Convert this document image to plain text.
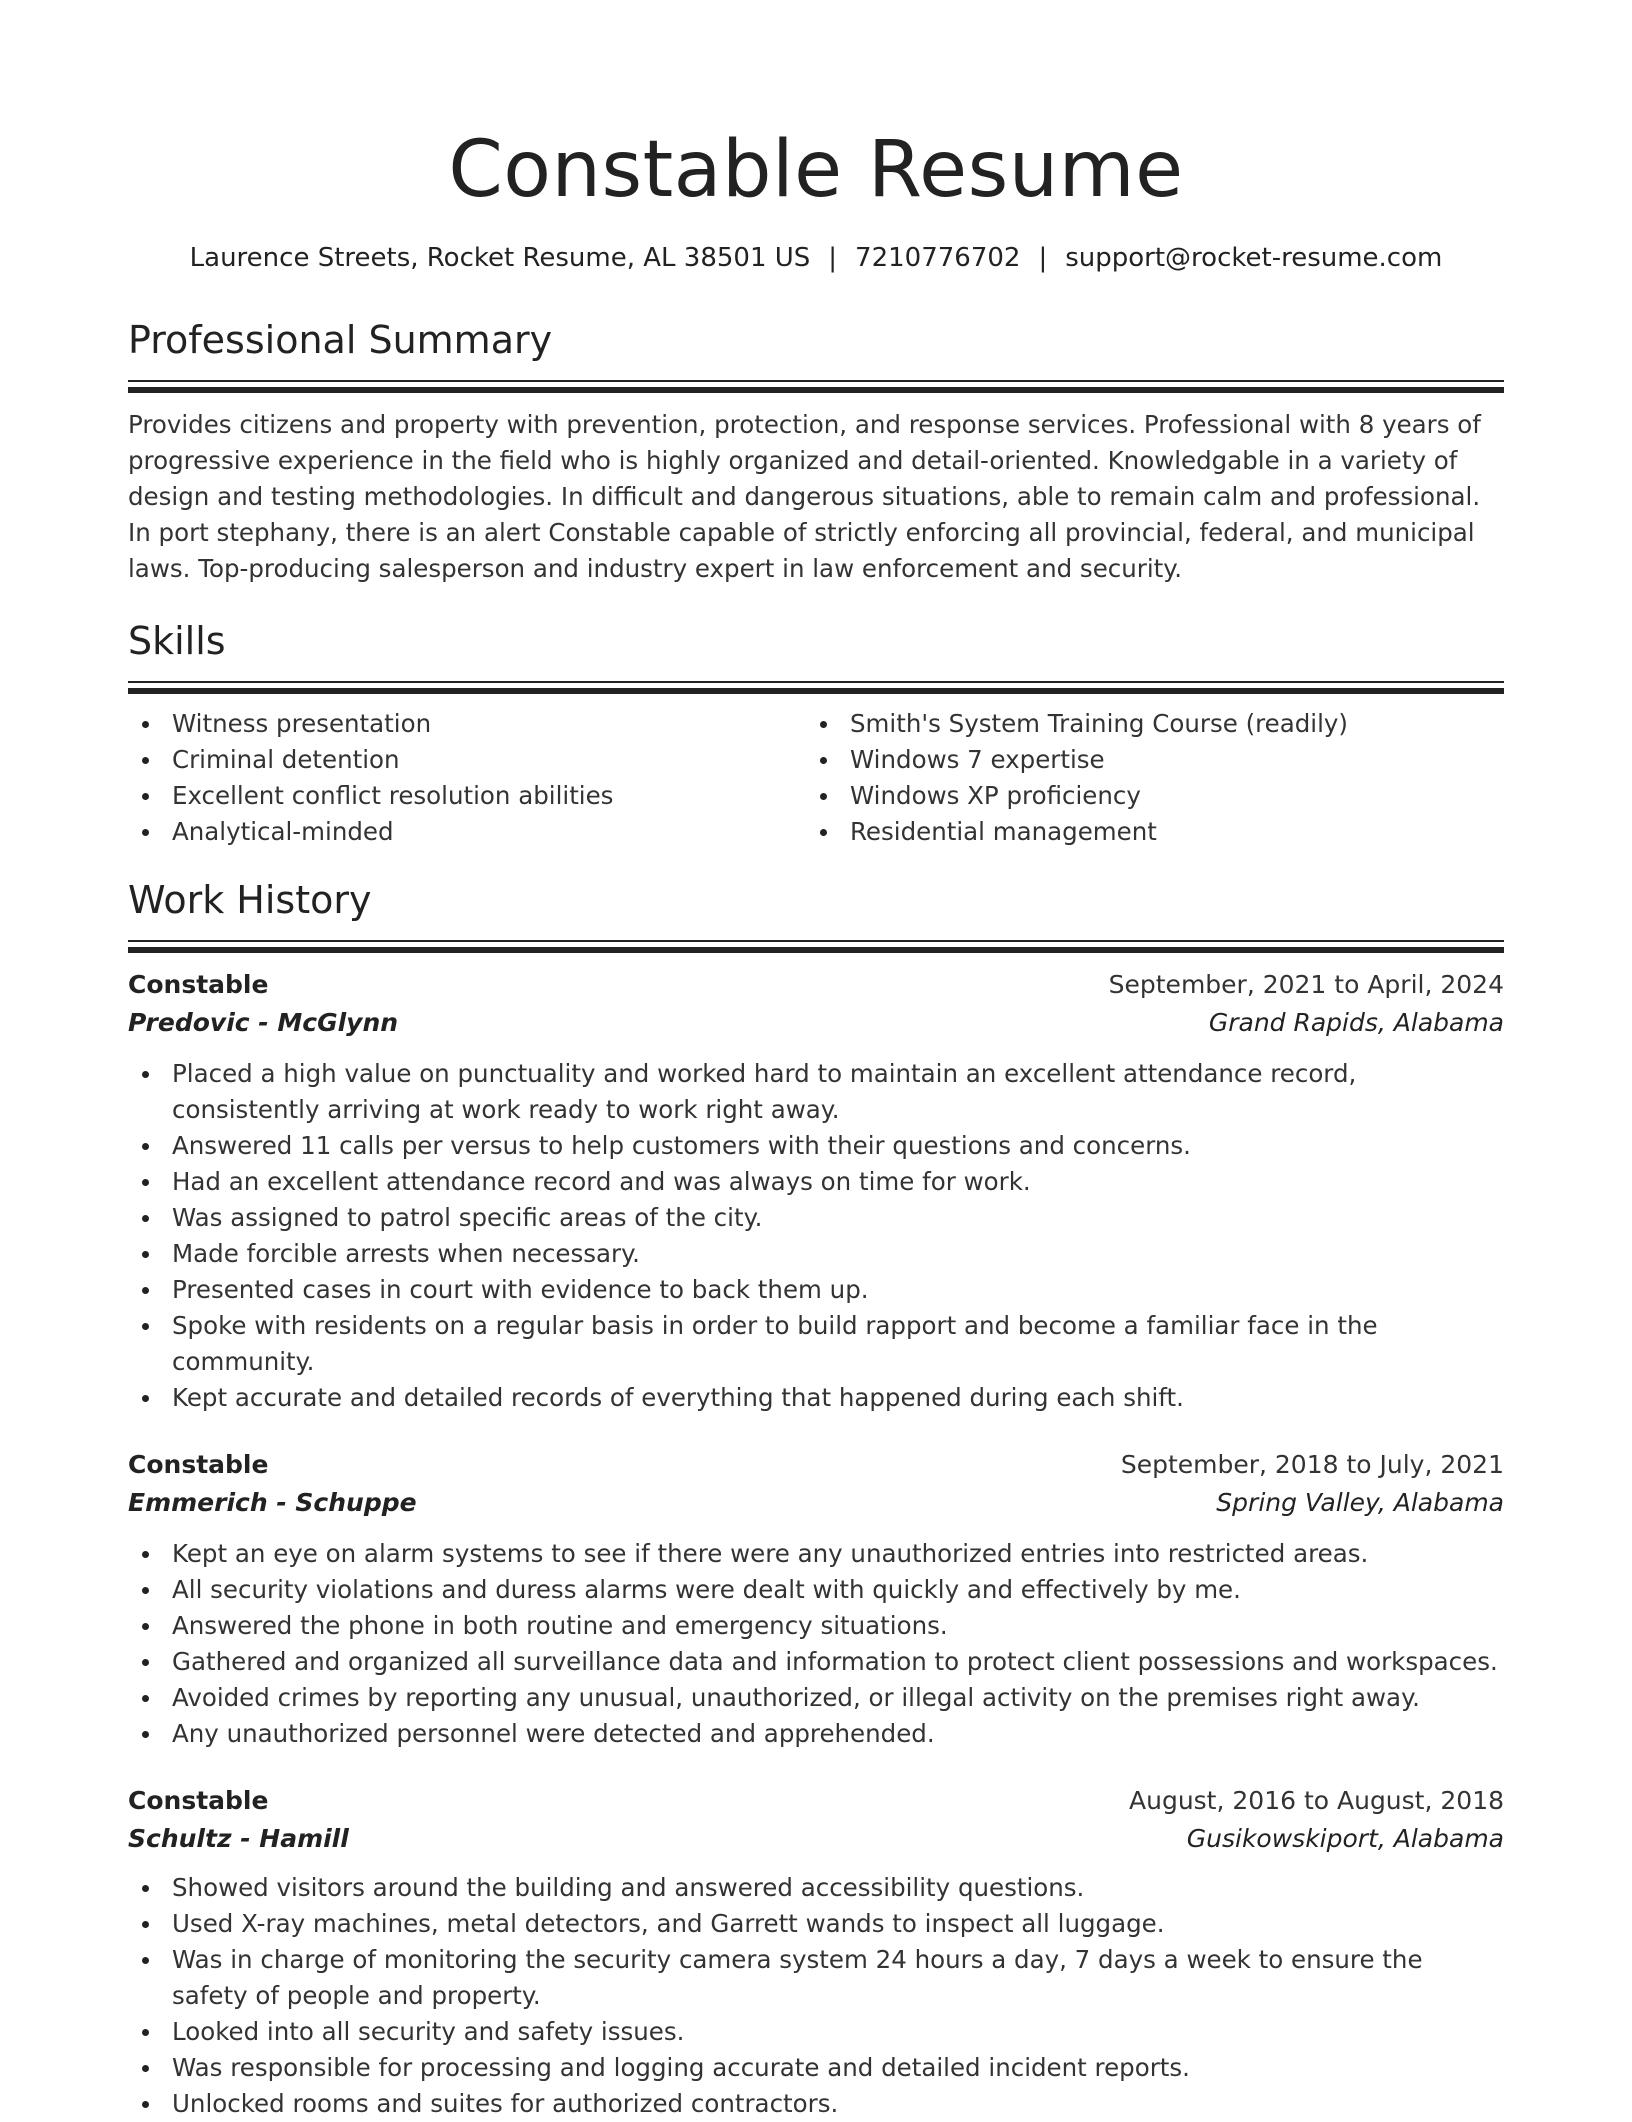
Constable Resume
Laurence Streets, Rocket Resume, AL 38501 US | 7210776702 | support@rocket-resume.com
Professional Summary

Provides citizens and property with prevention, protection, and response services. Professional with 8 years of progressive experience in the field who is highly organized and detail-oriented. Knowledgable in a variety of design and testing methodologies. In difficult and dangerous situations, able to remain calm and professional. In port stephany, there is an alert Constable capable of strictly enforcing all provincial, federal, and municipal laws. Top-producing salesperson and industry expert in law enforcement and security.

Skills
Witness presentation
Criminal detention
Excellent conflict resolution abilities
Analytical-minded
Smith's System Training Course (readily)
Windows 7 expertise
Windows XP proficiency
Residential management
Work History
Constable	September, 2021 to April, 2024
Predovic - McGlynn	Grand Rapids, Alabama
Placed a high value on punctuality and worked hard to maintain an excellent attendance record, consistently arriving at work ready to work right away.
Answered 11 calls per versus to help customers with their questions and concerns.
Had an excellent attendance record and was always on time for work.
Was assigned to patrol specific areas of the city.
Made forcible arrests when necessary.
Presented cases in court with evidence to back them up.
Spoke with residents on a regular basis in order to build rapport and become a familiar face in the community.
Kept accurate and detailed records of everything that happened during each shift.
Constable	September, 2018 to July, 2021
Emmerich - Schuppe	Spring Valley, Alabama
Kept an eye on alarm systems to see if there were any unauthorized entries into restricted areas.
All security violations and duress alarms were dealt with quickly and effectively by me.
Answered the phone in both routine and emergency situations.
Gathered and organized all surveillance data and information to protect client possessions and workspaces.
Avoided crimes by reporting any unusual, unauthorized, or illegal activity on the premises right away.
Any unauthorized personnel were detected and apprehended.
Constable	August, 2016 to August, 2018
Schultz - Hamill	Gusikowskiport, Alabama
Showed visitors around the building and answered accessibility questions.
Used X-ray machines, metal detectors, and Garrett wands to inspect all luggage.
Was in charge of monitoring the security camera system 24 hours a day, 7 days a week to ensure the safety of people and property.
Looked into all security and safety issues.
Was responsible for processing and logging accurate and detailed incident reports.
Unlocked rooms and suites for authorized contractors.
